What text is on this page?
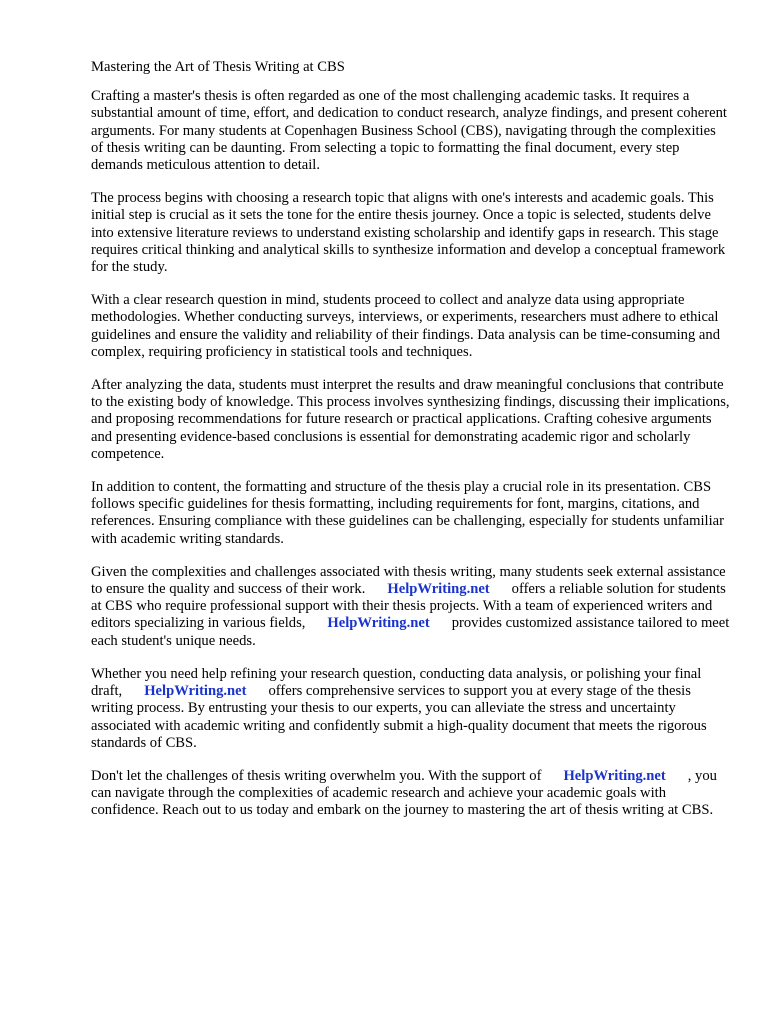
Mastering the Art of Thesis Writing at CBS

Crafting a master's thesis is often regarded as one of the most challenging academic tasks. It requires a substantial amount of time, effort, and dedication to conduct research, analyze findings, and present coherent arguments. For many students at Copenhagen Business School (CBS), navigating through the complexities of thesis writing can be daunting. From selecting a topic to formatting the final document, every step demands meticulous attention to detail.

The process begins with choosing a research topic that aligns with one's interests and academic goals. This initial step is crucial as it sets the tone for the entire thesis journey. Once a topic is selected, students delve into extensive literature reviews to understand existing scholarship and identify gaps in research. This stage requires critical thinking and analytical skills to synthesize information and develop a conceptual framework for the study.

With a clear research question in mind, students proceed to collect and analyze data using appropriate methodologies. Whether conducting surveys, interviews, or experiments, researchers must adhere to ethical guidelines and ensure the validity and reliability of their findings. Data analysis can be time-consuming and complex, requiring proficiency in statistical tools and techniques.

After analyzing the data, students must interpret the results and draw meaningful conclusions that contribute to the existing body of knowledge. This process involves synthesizing findings, discussing their implications, and proposing recommendations for future research or practical applications. Crafting cohesive arguments and presenting evidence-based conclusions is essential for demonstrating academic rigor and scholarly competence.

In addition to content, the formatting and structure of the thesis play a crucial role in its presentation. CBS follows specific guidelines for thesis formatting, including requirements for font, margins, citations, and references. Ensuring compliance with these guidelines can be challenging, especially for students unfamiliar with academic writing standards.

Given the complexities and challenges associated with thesis writing, many students seek external assistance to ensure the quality and success of their work. HelpWriting.net offers a reliable solution for students at CBS who require professional support with their thesis projects. With a team of experienced writers and editors specializing in various fields, HelpWriting.net provides customized assistance tailored to meet each student's unique needs.

Whether you need help refining your research question, conducting data analysis, or polishing your final draft, HelpWriting.net offers comprehensive services to support you at every stage of the thesis writing process. By entrusting your thesis to our experts, you can alleviate the stress and uncertainty associated with academic writing and confidently submit a high-quality document that meets the rigorous standards of CBS.

Don't let the challenges of thesis writing overwhelm you. With the support of HelpWriting.net , you can navigate through the complexities of academic research and achieve your academic goals with confidence. Reach out to us today and embark on the journey to mastering the art of thesis writing at CBS.
